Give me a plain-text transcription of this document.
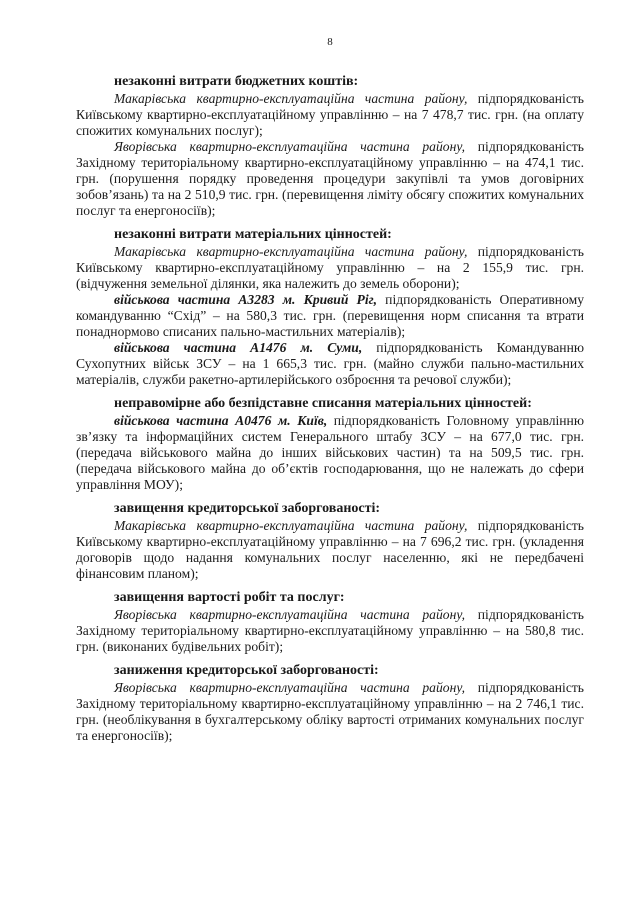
8

незаконні витрати бюджетних коштів:

Макарівська квартирно-експлуатаційна частина району, підпорядкованість Київському квартирно-експлуатаційному управлінню – на 7 478,7 тис. грн. (на оплату спожитих комунальних послуг);

Яворівська квартирно-експлуатаційна частина району, підпорядкованість Західному територіальному квартирно-експлуатаційному управлінню – на 474,1 тис. грн. (порушення порядку проведення процедури закупівлі та умов договірних зобов’язань) та на 2 510,9 тис. грн. (перевищення ліміту обсягу спожитих комунальних послуг та енергоносіїв);

незаконні витрати матеріальних цінностей:

Макарівська квартирно-експлуатаційна частина району, підпорядкованість Київському квартирно-експлуатаційному управлінню – на 2 155,9 тис. грн. (відчуження земельної ділянки, яка належить до земель оборони);

військова частина А3283 м. Кривий Ріг, підпорядкованість Оперативному командуванню “Схід” – на 580,3 тис. грн. (перевищення норм списання та втрати понаднормово списаних пально-мастильних матеріалів);

військова частина А1476 м. Суми, підпорядкованість Командуванню Сухопутних військ ЗСУ – на 1 665,3 тис. грн. (майно служби пально-мастильних матеріалів, служби ракетно-артилерійського озброєння та речової служби);

неправомірне або безпідставне списання матеріальних цінностей:

військова частина А0476 м. Київ, підпорядкованість Головному управлінню зв’язку та інформаційних систем Генерального штабу ЗСУ – на 677,0 тис. грн. (передача військового майна до інших військових частин) та на 509,5 тис. грн. (передача військового майна до об’єктів господарювання, що не належать до сфери управління МОУ);

завищення кредиторської заборгованості:

Макарівська квартирно-експлуатаційна частина району, підпорядкованість Київському квартирно-експлуатаційному управлінню – на 7 696,2 тис. грн. (укладення договорів щодо надання комунальних послуг населенню, які не передбачені фінансовим планом);

завищення вартості робіт та послуг:

Яворівська квартирно-експлуатаційна частина району, підпорядкованість Західному територіальному квартирно-експлуатаційному управлінню – на 580,8 тис. грн. (виконаних будівельних робіт);

заниження кредиторської заборгованості:

Яворівська квартирно-експлуатаційна частина району, підпорядкованість Західному територіальному квартирно-експлуатаційному управлінню – на 2 746,1 тис. грн. (необлікування в бухгалтерському обліку вартості отриманих комунальних послуг та енергоносіїв);
